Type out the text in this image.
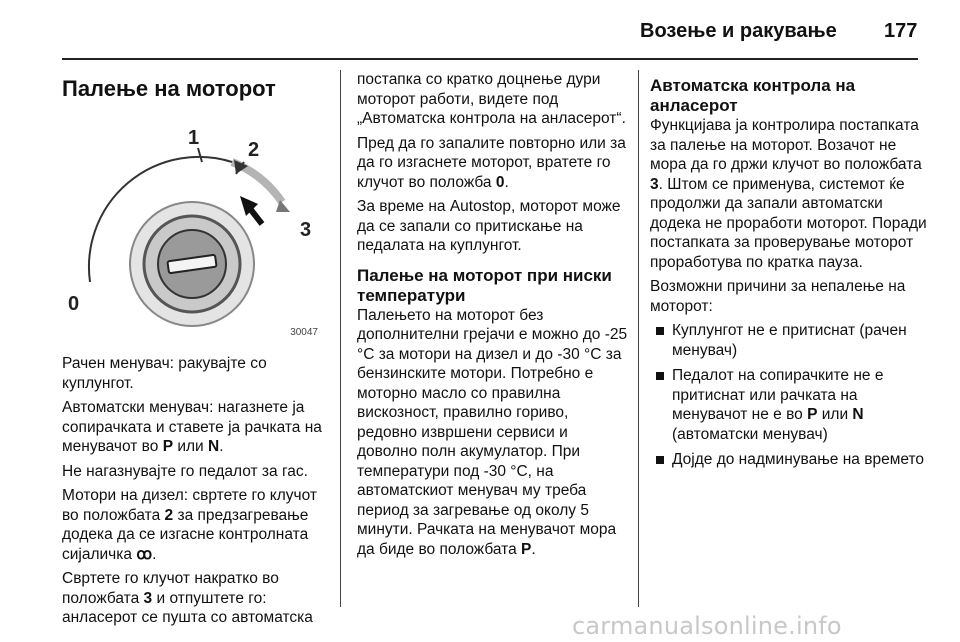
Возење и ракување 177
Палење на моторот
0
1
2
3
30047

Рачен менувач: ракувајте со куплунгот.

Автоматски менувач: нагазнете ја сопирачката и ставете ја рачката на менувачот во P или N.

Не нагазнувајте го педалот за гас.

Мотори на дизел: свртете го клучот во положбата 2 за предзагревање додека да се изгасне контролната сијаличка ꝏ.

Свртете го клучот накратко во положбата 3 и отпуштете го: анласерот се пушта со автоматска

постапка со кратко доцнење дури моторот работи, видете под „Автоматска контрола на анласерот“.

Пред да го запалите повторно или за да го изгаснете моторот, вратете го клучот во положба 0.

За време на Autostop, моторот може да се запали со притискање на педалата на куплунгот.

Палење на моторот при ниски температури

Палењето на моторот без дополнителни грејачи е можно до -25 °C за мотори на дизел и до -30 °C за бензинските мотори. Потребно е моторно масло со правилна вискозност, правилно гориво, редовно извршени сервиси и доволно полн акумулатор. При температури под -30 °C, на автоматскиот менувач му треба период за загревање од околу 5 минути. Рачката на менувачот мора да биде во положбата P.

Автоматска контрола на анласерот

Функцијава ја контролира постапката за палење на моторот. Возачот не мора да го држи клучот во положбата 3. Штом се применува, системот ќе продолжи да запали автоматски додека не проработи моторот. Поради постапката за проверување моторот проработува по кратка пауза.

Возможни причини за непалење на моторот:

Куплунгот не е притиснат (рачен менувач)
Педалот на сопирачките не е притиснат или рачката на менувачот не е во P или N (автоматски менувач)
Дојде до надминување на времето
carmanualsonline.info
